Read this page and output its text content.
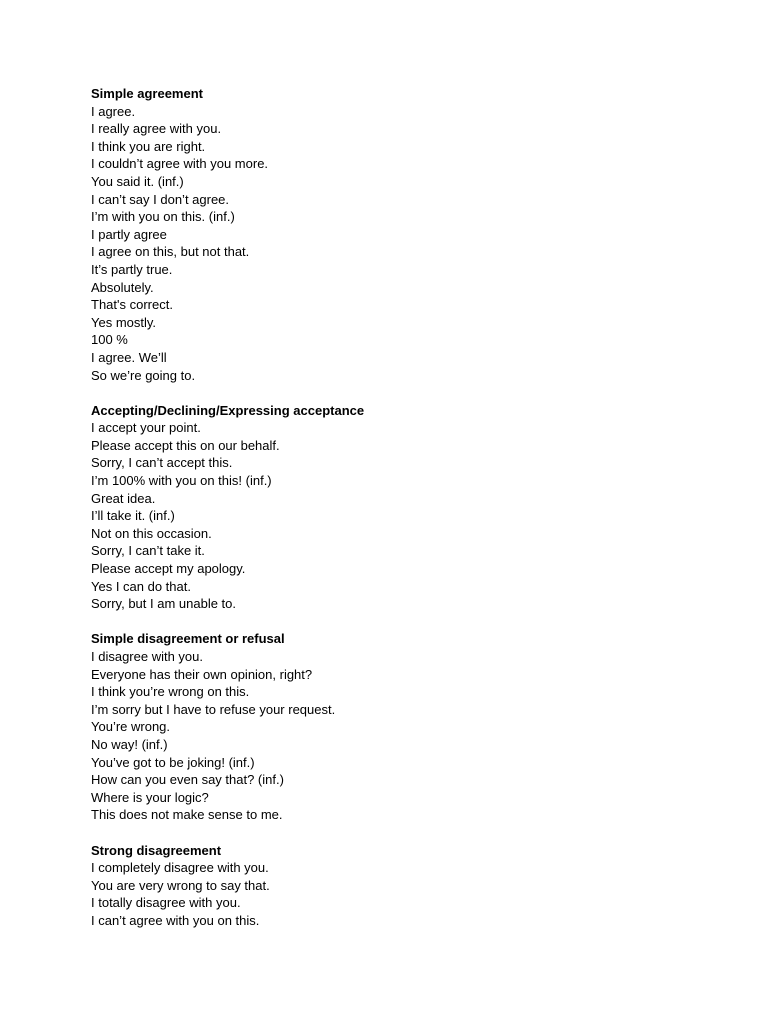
Simple agreement
I agree.
I really agree with you.
I think you are right.
I couldn’t agree with you more.
You said it. (inf.)
I can’t say I don’t agree.
I’m with you on this. (inf.)
I partly agree
I agree on this, but not that.
It’s partly true.
Absolutely.
That's correct.
Yes mostly.
100 %
I agree. We’ll
So we’re going to.
Accepting/Declining/Expressing acceptance
I accept your point.
Please accept this on our behalf.
Sorry, I can’t accept this.
I’m 100% with you on this! (inf.)
Great idea.
I’ll take it. (inf.)
Not on this occasion.
Sorry, I can’t take it.
Please accept my apology.
Yes I can do that.
Sorry, but I am unable to.
Simple disagreement or refusal
I disagree with you.
Everyone has their own opinion, right?
I think you’re wrong on this.
I’m sorry but I have to refuse your request.
You’re wrong.
No way! (inf.)
You’ve got to be joking! (inf.)
How can you even say that? (inf.)
Where is your logic?
This does not make sense to me.
Strong disagreement
I completely disagree with you.
You are very wrong to say that.
I totally disagree with you.
I can’t agree with you on this.
